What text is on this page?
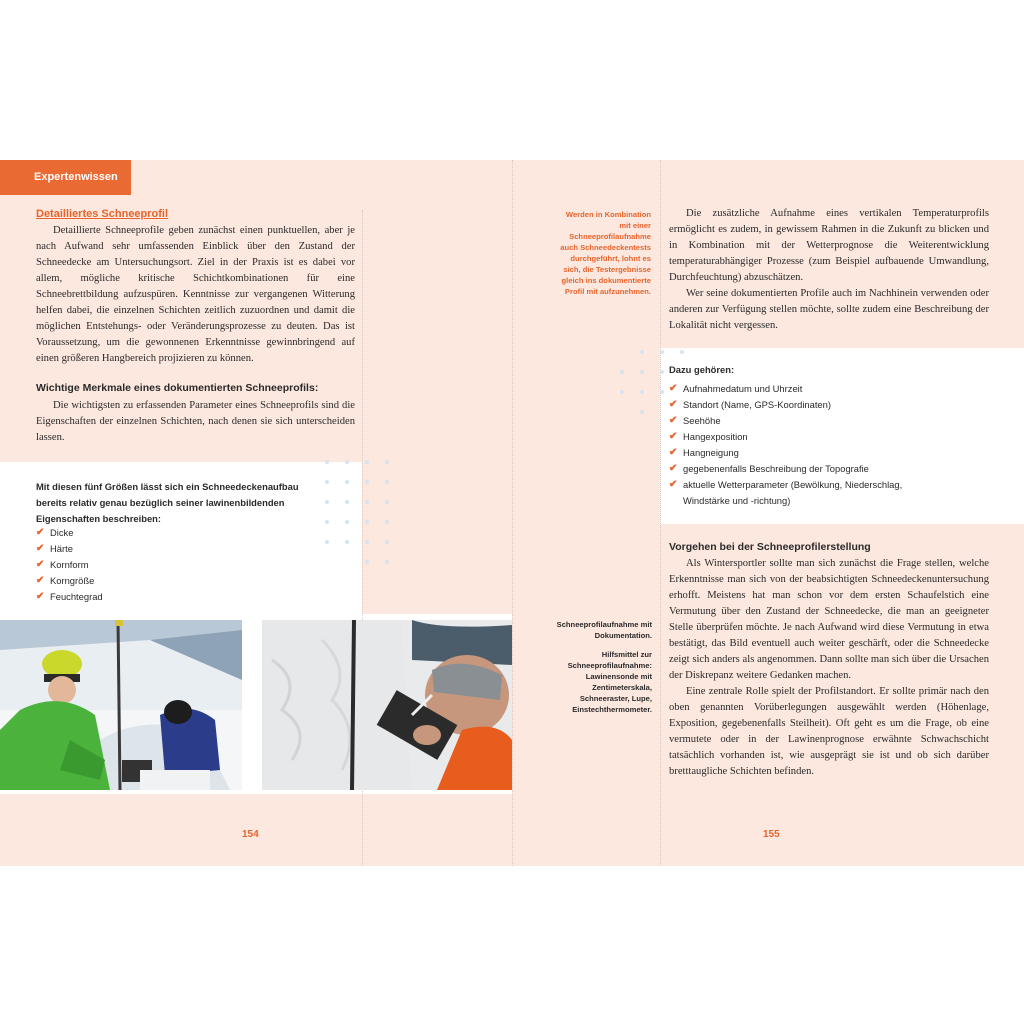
Expertenwissen
Detailliertes Schneeprofil

Detaillierte Schneeprofile geben zunächst einen punktuellen, aber je nach Aufwand sehr umfassenden Einblick über den Zustand der Schneedecke am Untersuchungsort. Ziel in der Praxis ist es dabei vor allem, mögliche kritische Schichtkombinationen für eine Schneebrettbildung aufzuspüren. Kenntnisse zur vergangenen Witterung helfen dabei, die einzelnen Schichten zeitlich zuzuordnen und damit die möglichen Entstehungs- oder Veränderungsprozesse zu deuten. Das ist Voraussetzung, um die gewonnenen Erkenntnisse gewinnbringend auf einen größeren Hangbereich projizieren zu können.

Wichtige Merkmale eines dokumentierten Schneeprofils:

Die wichtigsten zu erfassenden Parameter eines Schneeprofils sind die Eigenschaften der einzelnen Schichten, nach denen sie sich unterscheiden lassen.

Mit diesen fünf Größen lässt sich ein Schneedeckenaufbau bereits relativ genau bezüglich seiner lawinenbildenden Eigenschaften beschreiben:
✔ Dicke
✔ Härte
✔ Kornform
✔ Korngröße
✔ Feuchtegrad
Schneeprofilaufnahme mit Dokumentation.
Hilfsmittel zur Schneeprofilaufnahme: Lawinensonde mit Zentimeterskala, Schneeraster, Lupe, Einstechthermometer.
Werden in Kombination mit einer Schneeprofilaufnahme auch Schneedeckentests durchgeführt, lohnt es sich, die Testergebnisse gleich ins dokumentierte Profil mit aufzunehmen.

Die zusätzliche Aufnahme eines vertikalen Temperaturprofils ermöglicht es zudem, in gewissem Rahmen in die Zukunft zu blicken und in Kombination mit der Wetterprognose die Weiterentwicklung temperaturabhängiger Prozesse (zum Beispiel aufbauende Umwandlung, Durchfeuchtung) abzuschätzen.

Wer seine dokumentierten Profile auch im Nachhinein verwenden oder anderen zur Verfügung stellen möchte, sollte zudem eine Beschreibung der Lokalität nicht vergessen.

Dazu gehören:
✔ Aufnahmedatum und Uhrzeit
✔ Standort (Name, GPS-Koordinaten)
✔ Seehöhe
✔ Hangexposition
✔ Hangneigung
✔ gegebenenfalls Beschreibung der Topografie
✔ aktuelle Wetterparameter (Bewölkung, Niederschlag, Windstärke und -richtung)
Vorgehen bei der Schneeprofilerstellung

Als Wintersportler sollte man sich zunächst die Frage stellen, welche Erkenntnisse man sich von der beabsichtigten Schneedeckenuntersuchung erhofft. Meistens hat man schon vor dem ersten Schaufelstich eine Vermutung über den Zustand der Schneedecke, die man an geeigneter Stelle überprüfen möchte. Je nach Aufwand wird diese Vermutung in etwa bestätigt, das Bild eventuell auch weiter geschärft, oder die Schneedecke zeigt sich anders als angenommen. Dann sollte man sich über die Ursachen der Diskrepanz weitere Gedanken machen.

Eine zentrale Rolle spielt der Profilstandort. Er sollte primär nach den oben genannten Vorüberlegungen ausgewählt werden (Höhenlage, Exposition, gegebenenfalls Steilheit). Oft geht es um die Frage, ob eine vermutete oder in der Lawinenprognose erwähnte Schwachschicht tatsächlich vorhanden ist, wie ausgeprägt sie ist und ob sich darüber bretttaugliche Schichten befinden.

154	155
